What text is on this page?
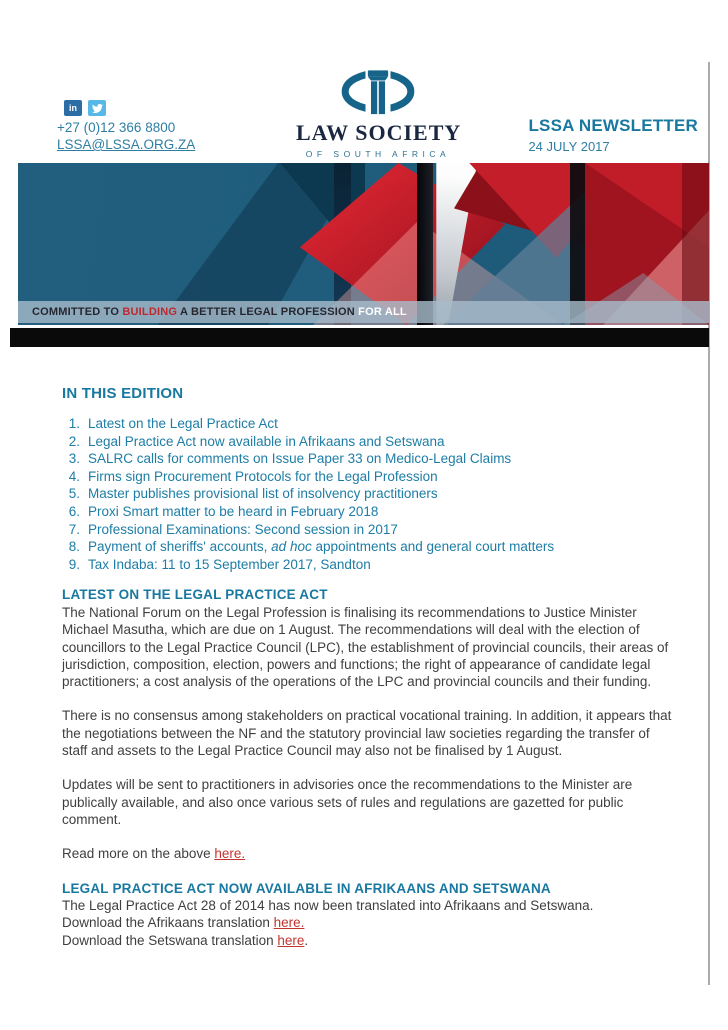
in
+27 (0)12 366 8800
LSSA@LSSA.ORG.ZA	LAW SOCIETY
OF SOUTH AFRICA
LSSA NEWSLETTER
24 JULY 2017
COMMITTED TO BUILDING A BETTER LEGAL PROFESSION FOR ALL
IN THIS EDITION
1. Latest on the Legal Practice Act
2. Legal Practice Act now available in Afrikaans and Setswana
3. SALRC calls for comments on Issue Paper 33 on Medico-Legal Claims
4. Firms sign Procurement Protocols for the Legal Profession
5. Master publishes provisional list of insolvency practitioners
6. Proxi Smart matter to be heard in February 2018
7. Professional Examinations: Second session in 2017
8. Payment of sheriffs' accounts, ad hoc appointments and general court matters
9. Tax Indaba: 11 to 15 September 2017, Sandton
LATEST ON THE LEGAL PRACTICE ACT

The National Forum on the Legal Profession is finalising its recommendations to Justice Minister Michael Masutha, which are due on 1 August. The recommendations will deal with the election of councillors to the Legal Practice Council (LPC), the establishment of provincial councils, their areas of jurisdiction, composition, election, powers and functions; the right of appearance of candidate legal practitioners; a cost analysis of the operations of the LPC and provincial councils and their funding.

There is no consensus among stakeholders on practical vocational training. In addition, it appears that the negotiations between the NF and the statutory provincial law societies regarding the transfer of staff and assets to the Legal Practice Council may also not be finalised by 1 August.

Updates will be sent to practitioners in advisories once the recommendations to the Minister are publically available, and also once various sets of rules and regulations are gazetted for public comment.

Read more on the above here.
LEGAL PRACTICE ACT NOW AVAILABLE IN AFRIKAANS AND SETSWANA
The Legal Practice Act 28 of 2014 has now been translated into Afrikaans and Setswana.
Download the Afrikaans translation here.
Download the Setswana translation here.
